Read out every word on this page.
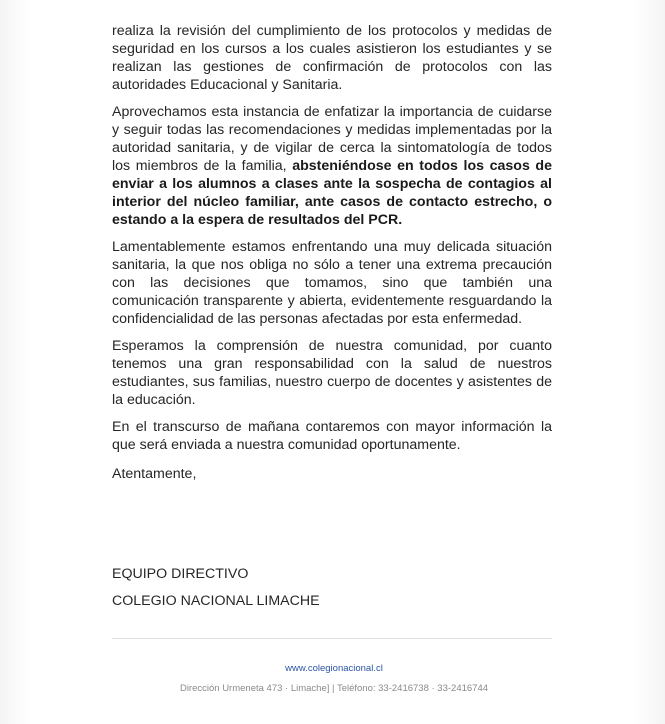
realiza la revisión del cumplimiento de los protocolos y medidas de seguridad en los cursos a los cuales asistieron los estudiantes y se realizan las gestiones de confirmación de protocolos con las autoridades Educacional y Sanitaria.

Aprovechamos esta instancia de enfatizar la importancia de cuidarse y seguir todas las recomendaciones y medidas implementadas por la autoridad sanitaria, y de vigilar de cerca la sintomatología de todos los miembros de la familia, absteniéndose en todos los casos de enviar a los alumnos a clases ante la sospecha de contagios al interior del núcleo familiar, ante casos de contacto estrecho, o estando a la espera de resultados del PCR.

Lamentablemente estamos enfrentando una muy delicada situación sanitaria, la que nos obliga no sólo a tener una extrema precaución con las decisiones que tomamos, sino que también una comunicación transparente y abierta, evidentemente resguardando la confidencialidad de las personas afectadas por esta enfermedad.

Esperamos la comprensión de nuestra comunidad, por cuanto tenemos una gran responsabilidad con la salud de nuestros estudiantes, sus familias, nuestro cuerpo de docentes y asistentes de la educación.

En el transcurso de mañana contaremos con mayor información la que será enviada a nuestra comunidad oportunamente.

Atentamente,

EQUIPO DIRECTIVO
COLEGIO NACIONAL LIMACHE
www.colegionacional.cl
Dirección Urmeneta 473 · Limache] | Teléfono: 33-2416738 · 33-2416744
